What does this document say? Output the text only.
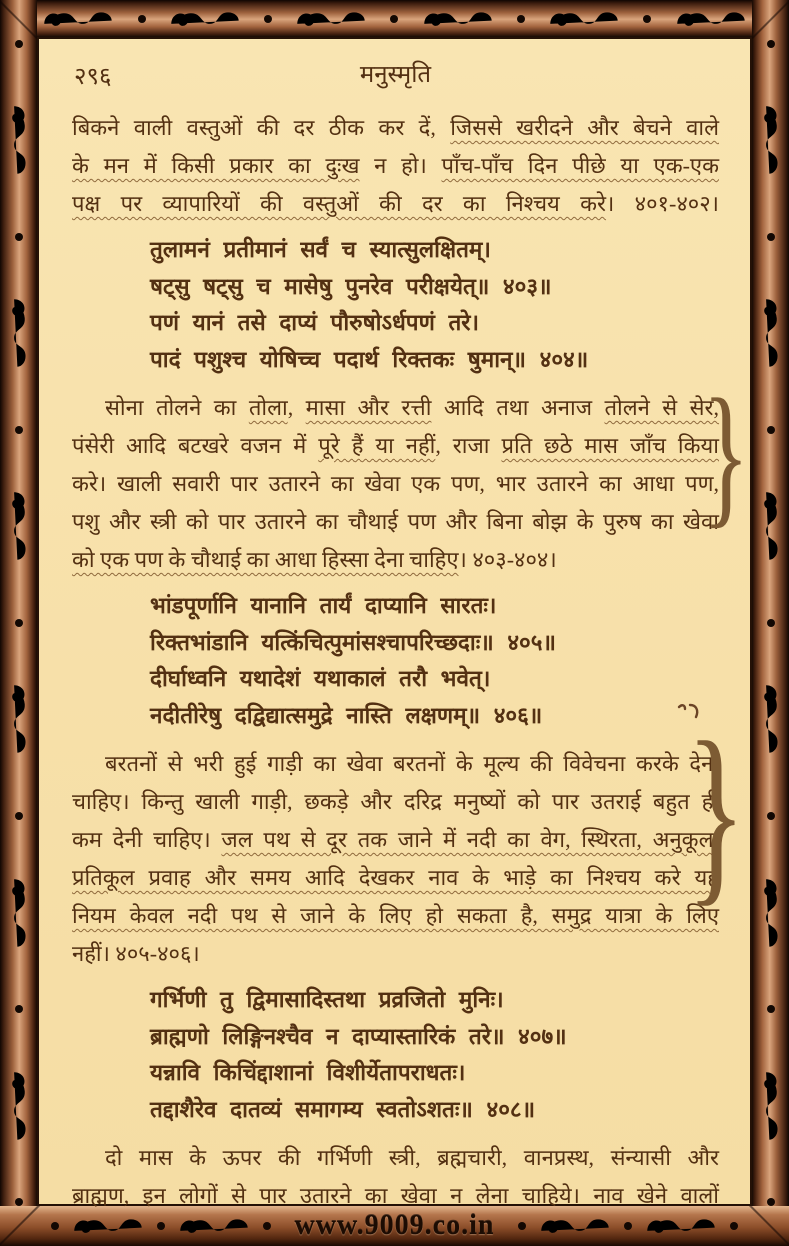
www.9009.co.in
२९६	मनुस्मृति
बिकने वाली वस्तुओं की दर ठीक कर दें, जिससे खरीदने और बेचने वाले
के मन में किसी प्रकार का दुःख न हो। पाँच-पाँच दिन पीछे या एक-एक
पक्ष पर व्यापारियों की वस्तुओं की दर का निश्चय करे। ४०१-४०२।
तुलामनं प्रतीमानं सर्वं च स्यात्सुलक्षितम्।
षट्सु षट्सु च मासेषु पुनरेव परीक्षयेत्॥ ४०३॥
पणं यानं तसे दाप्यं पौरुषोऽर्धपणं तरे।
पादं पशुश्च योषिच्च पदार्थ रिक्तकः षुमान्॥ ४०४॥
सोना तोलने का तोला, मासा और रत्ती आदि तथा अनाज तोलने से सेर,
पंसेरी आदि बटखरे वजन में पूरे हैं या नहीं, राजा प्रति छठे मास जाँच किया
करे। खाली सवारी पार उतारने का खेवा एक पण, भार उतारने का आधा पण,
पशु और स्त्री को पार उतारने का चौथाई पण और बिना बोझ के पुरुष का खेवा
को एक पण के चौथाई का आधा हिस्सा देना चाहिए। ४०३-४०४।
भांडपूर्णानि यानानि तार्यं दाप्यानि सारतः।
रिक्तभांडानि यत्किंचित्पुमांसश्चापरिच्छदाः॥ ४०५॥
दीर्घाध्वनि यथादेशं यथाकालं तरौ भवेत्।
नदीतीरेषु दद्विद्यात्समुद्रे नास्ति लक्षणम्॥ ४०६॥
बरतनों से भरी हुई गाड़ी का खेवा बरतनों के मूल्य की विवेचना करके देना
चाहिए। किन्तु खाली गाड़ी, छकड़े और दरिद्र मनुष्यों को पार उतराई बहुत ही
कम देनी चाहिए। जल पथ से दूर तक जाने में नदी का वेग, स्थिरता, अनुकूल,
प्रतिकूल प्रवाह और समय आदि देखकर नाव के भाड़े का निश्चय करे यह
नियम केवल नदी पथ से जाने के लिए हो सकता है, समुद्र यात्रा के लिए
नहीं। ४०५-४०६।
गर्भिणी तु द्विमासादिस्तथा प्रव्रजितो मुनिः।
ब्राह्मणो लिङ्गिनश्चैव न दाप्यास्तारिकं तरे॥ ४०७॥
यन्नावि किचिंद्दाशानां विशीर्येतापराधतः।
तद्दाशैरेव दातव्यं समागम्य स्वतोऽशतः॥ ४०८॥
दो मास के ऊपर की गर्भिणी स्त्री, ब्रह्मचारी, वानप्रस्थ, संन्यासी और
ब्राह्मण, इन लोगों से पार उतारने का खेवा न लेना चाहिये। नाव खेने वालों
}
}
